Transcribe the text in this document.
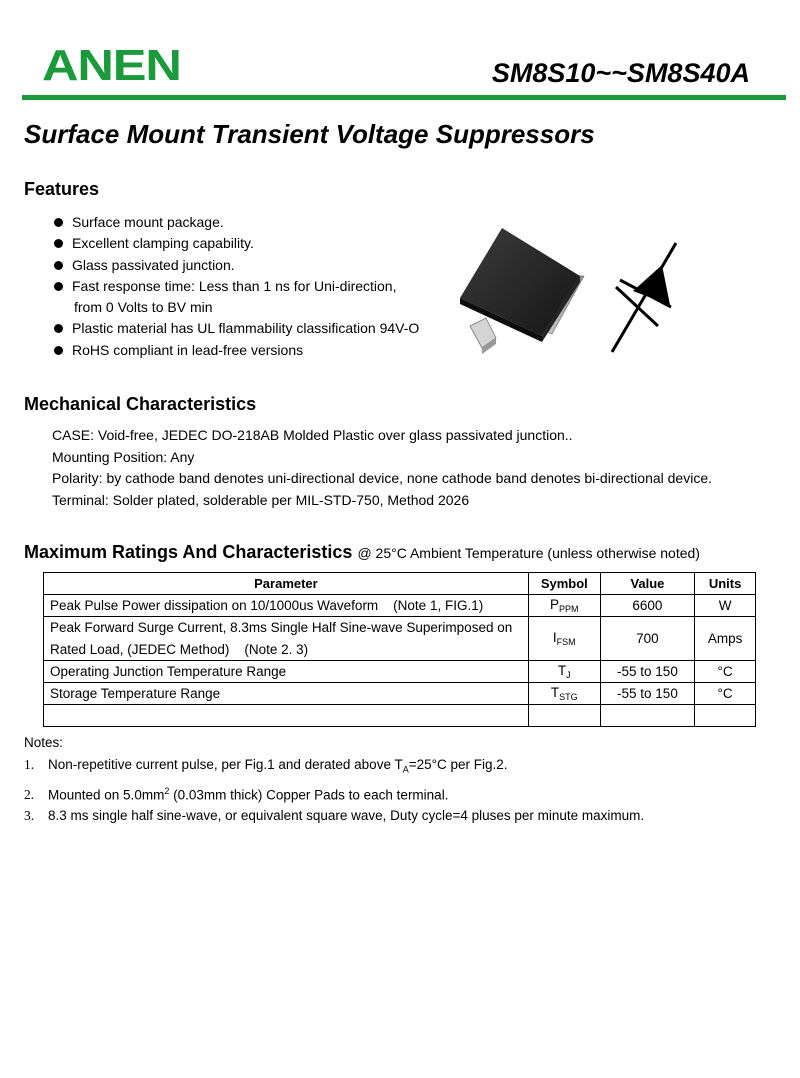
ANEN	SM8S10~~SM8S40A
Surface Mount Transient Voltage Suppressors
Features
Surface mount package.
Excellent clamping capability.
Glass passivated junction.
Fast response time: Less than 1 ns for Uni-direction,
from 0 Volts to BV min
Plastic material has UL flammability classification 94V-O
RoHS compliant in lead-free versions
Mechanical Characteristics
CASE: Void-free, JEDEC DO-218AB Molded Plastic over glass passivated junction..
Mounting Position: Any
Polarity: by cathode band denotes uni-directional device, none cathode band denotes bi-directional device.
Terminal: Solder plated, solderable per MIL-STD-750, Method 2026
Maximum Ratings And Characteristics @ 25°C Ambient Temperature (unless otherwise noted)
Parameter	Symbol	Value	Units
Peak Pulse Power dissipation on 10/1000us Waveform    (Note 1, FIG.1)	$P_{PPM}$	6600	W

Peak Forward Surge Current, 8.3ms Single Half Sine-wave Superimposed on
Rated Load, (JEDEC Method)    (Note 2. 3)	$I_{FSM}$	700	Amps
Operating Junction Temperature Range	$T_J$	-55 to 150	°C
Storage Temperature Range	$T_{STG}$	-55 to 150	°C

Notes:
1. Non-repetitive current pulse, per Fig.1 and derated above $T_A=25^\circ C$ per Fig.2.
2. Mounted on $5.0mm^2$ (0.03mm thick) Copper Pads to each terminal.
3. 8.3 ms single half sine-wave, or equivalent square wave, Duty cycle=4 pluses per minute maximum.
